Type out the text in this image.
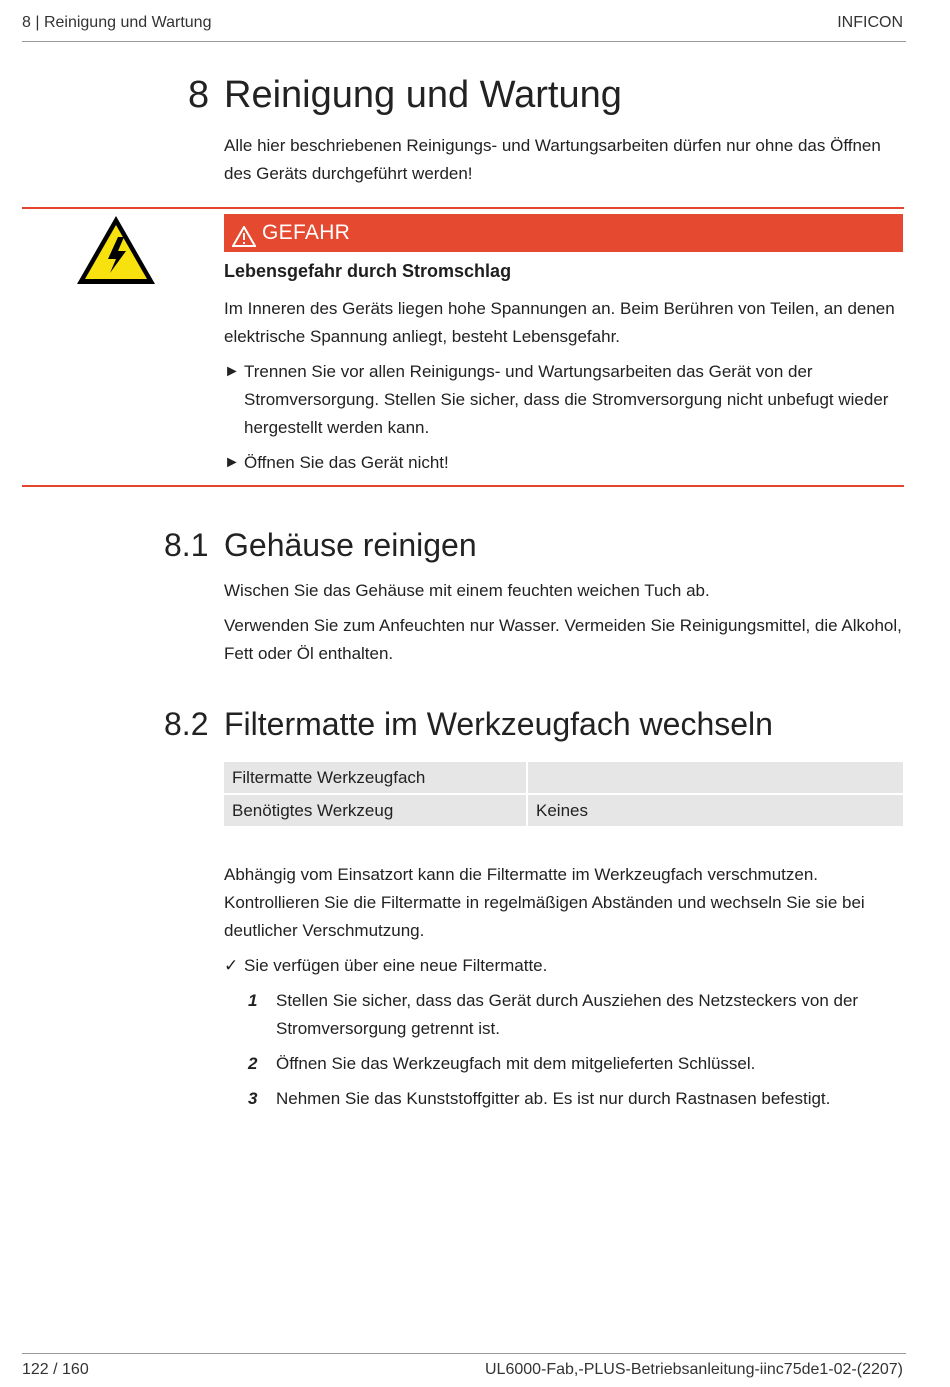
8 | Reinigung und Wartung	INFICON
8 Reinigung und Wartung

Alle hier beschriebenen Reinigungs- und Wartungsarbeiten dürfen nur ohne das Öffnen des Geräts durchgeführt werden!

GEFAHR
Lebensgefahr durch Stromschlag

Im Inneren des Geräts liegen hohe Spannungen an. Beim Berühren von Teilen, an denen elektrische Spannung anliegt, besteht Lebensgefahr.

► Trennen Sie vor allen Reinigungs- und Wartungsarbeiten das Gerät von der Stromversorgung. Stellen Sie sicher, dass die Stromversorgung nicht unbefugt wieder hergestellt werden kann.
► Öffnen Sie das Gerät nicht!
8.1 Gehäuse reinigen

Wischen Sie das Gehäuse mit einem feuchten weichen Tuch ab.

Verwenden Sie zum Anfeuchten nur Wasser. Vermeiden Sie Reinigungsmittel, die Alkohol, Fett oder Öl enthalten.

8.2 Filtermatte im Werkzeugfach wechseln
Filtermatte Werkzeugfach	
Benötigtes Werkzeug	Keines

Abhängig vom Einsatzort kann die Filtermatte im Werkzeugfach verschmutzen. Kontrollieren Sie die Filtermatte in regelmäßigen Abständen und wechseln Sie sie bei deutlicher Verschmutzung.

✓ Sie verfügen über eine neue Filtermatte.
1 Stellen Sie sicher, dass das Gerät durch Ausziehen des Netzsteckers von der Stromversorgung getrennt ist.
2 Öffnen Sie das Werkzeugfach mit dem mitgelieferten Schlüssel.
3 Nehmen Sie das Kunststoffgitter ab. Es ist nur durch Rastnasen befestigt.
122 / 160	UL6000-Fab,-PLUS-Betriebsanleitung-iinc75de1-02-(2207)
